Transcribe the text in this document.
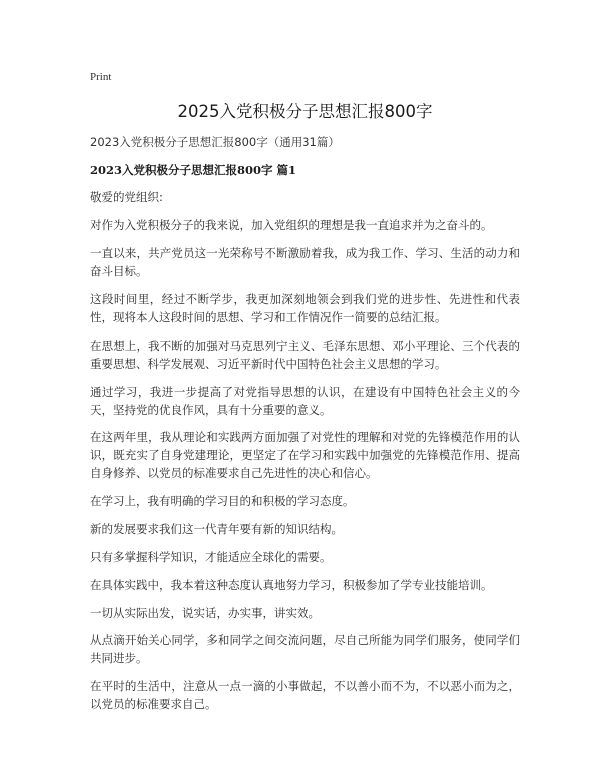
Print
2025入党积极分子思想汇报800字
2023入党积极分子思想汇报800字（通用31篇）
2023入党积极分子思想汇报800字 篇1

敬爱的党组织:

对作为入党积极分子的我来说，加入党组织的理想是我一直追求并为之奋斗的。

一直以来，共产党员这一光荣称号不断激励着我，成为我工作、学习、生活的动力和奋斗目标。

这段时间里，经过不断学步，我更加深刻地领会到我们党的进步性、先进性和代表性，现将本人这段时间的思想、学习和工作情况作一简要的总结汇报。

在思想上，我不断的加强对马克思列宁主义、毛泽东思想、邓小平理论、三个代表的重要思想、科学发展观、习近平新时代中国特色社会主义思想的学习。

通过学习，我进一步提高了对党指导思想的认识，在建设有中国特色社会主义的今天，坚持党的优良作风，具有十分重要的意义。

在这两年里，我从理论和实践两方面加强了对党性的理解和对党的先锋模范作用的认识，既充实了自身党建理论，更坚定了在学习和实践中加强党的先锋模范作用、提高自身修养、以党员的标准要求自己先进性的决心和信心。

在学习上，我有明确的学习目的和积极的学习态度。

新的发展要求我们这一代青年要有新的知识结构。

只有多掌握科学知识，才能适应全球化的需要。

在具体实践中，我本着这种态度认真地努力学习，积极参加了学专业技能培训。

一切从实际出发，说实话，办实事，讲实效。

从点滴开始关心同学，多和同学之间交流问题，尽自己所能为同学们服务，使同学们共同进步。

在平时的生活中，注意从一点一滴的小事做起，不以善小而不为，不以恶小而为之，以党员的标准要求自己。
